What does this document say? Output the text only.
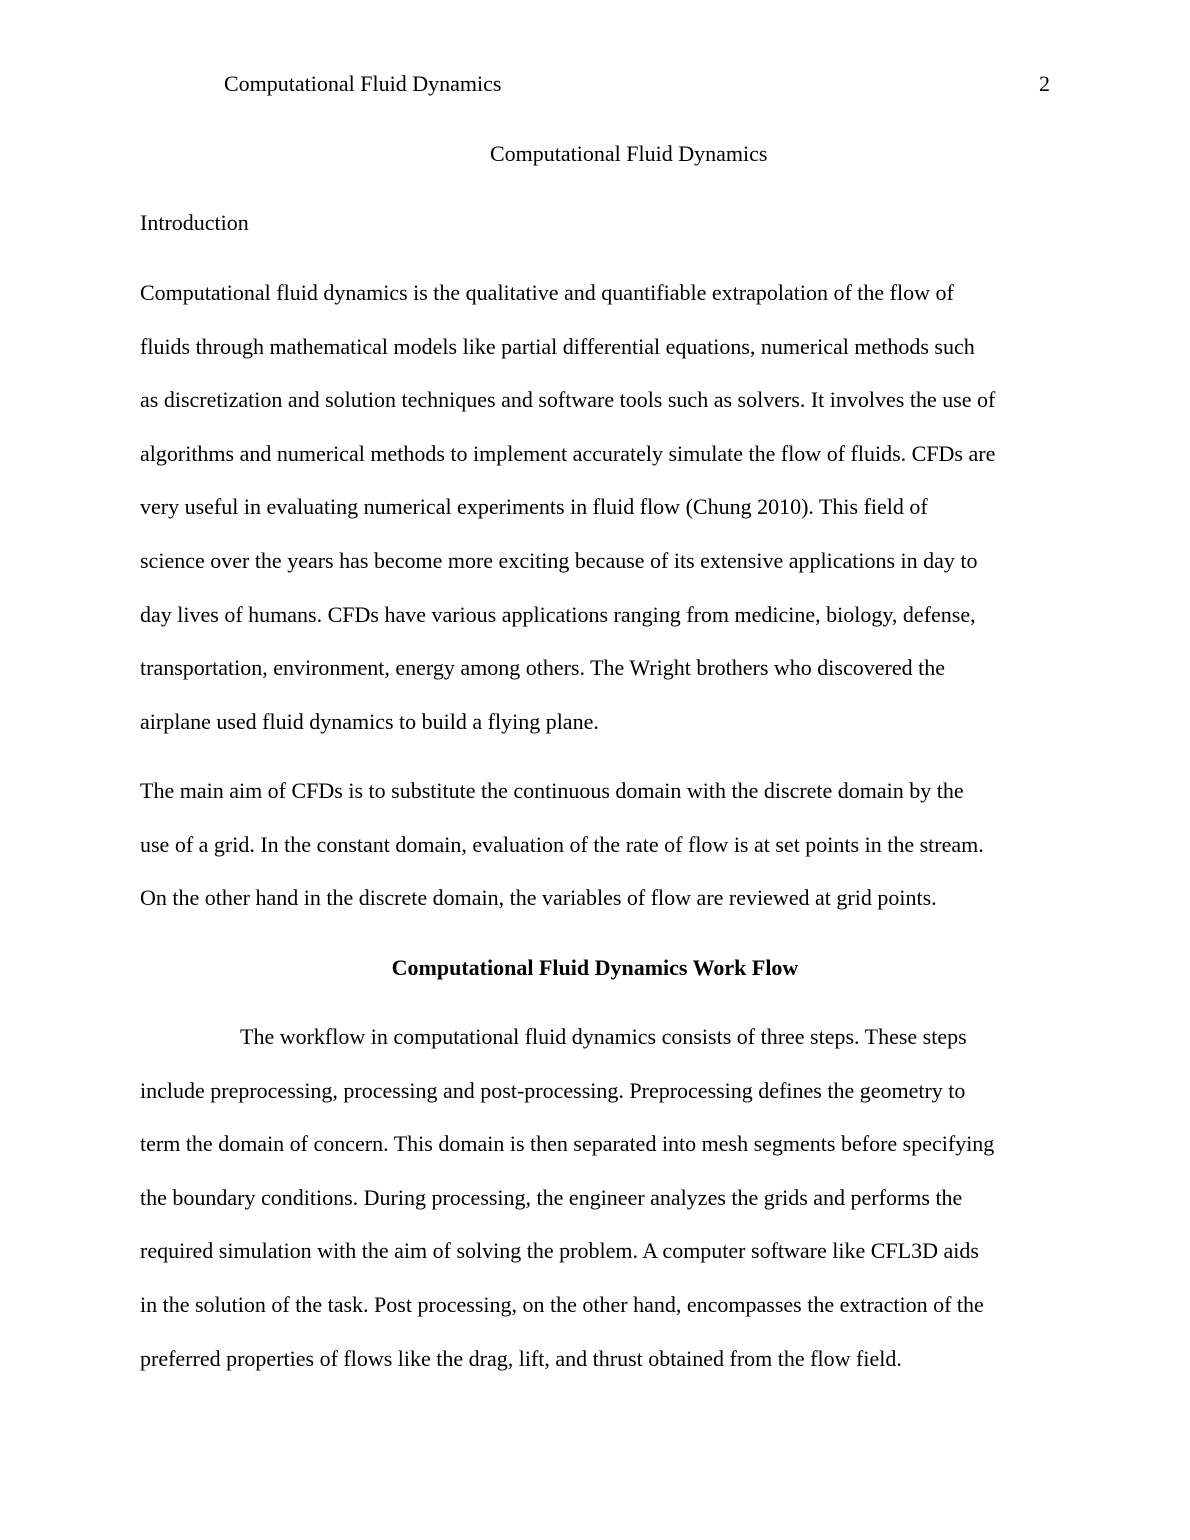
Computational Fluid Dynamics	2
Computational Fluid Dynamics
Introduction
Computational fluid dynamics is the qualitative and quantifiable extrapolation of the flow of
fluids through mathematical models like partial differential equations, numerical methods such
as discretization and solution techniques and software tools such as solvers. It involves the use of
algorithms and numerical methods to implement accurately simulate the flow of fluids. CFDs are
very useful in evaluating numerical experiments in fluid flow (Chung 2010). This field of
science over the years has become more exciting because of its extensive applications in day to
day lives of humans. CFDs have various applications ranging from medicine, biology, defense,
transportation, environment, energy among others. The Wright brothers who discovered the
airplane used fluid dynamics to build a flying plane.
The main aim of CFDs is to substitute the continuous domain with the discrete domain by the
use of a grid. In the constant domain, evaluation of the rate of flow is at set points in the stream.
On the other hand in the discrete domain, the variables of flow are reviewed at grid points.
Computational Fluid Dynamics Work Flow
The workflow in computational fluid dynamics consists of three steps. These steps
include preprocessing, processing and post-processing. Preprocessing defines the geometry to
term the domain of concern. This domain is then separated into mesh segments before specifying
the boundary conditions. During processing, the engineer analyzes the grids and performs the
required simulation with the aim of solving the problem. A computer software like CFL3D aids
in the solution of the task. Post processing, on the other hand, encompasses the extraction of the
preferred properties of flows like the drag, lift, and thrust obtained from the flow field.
